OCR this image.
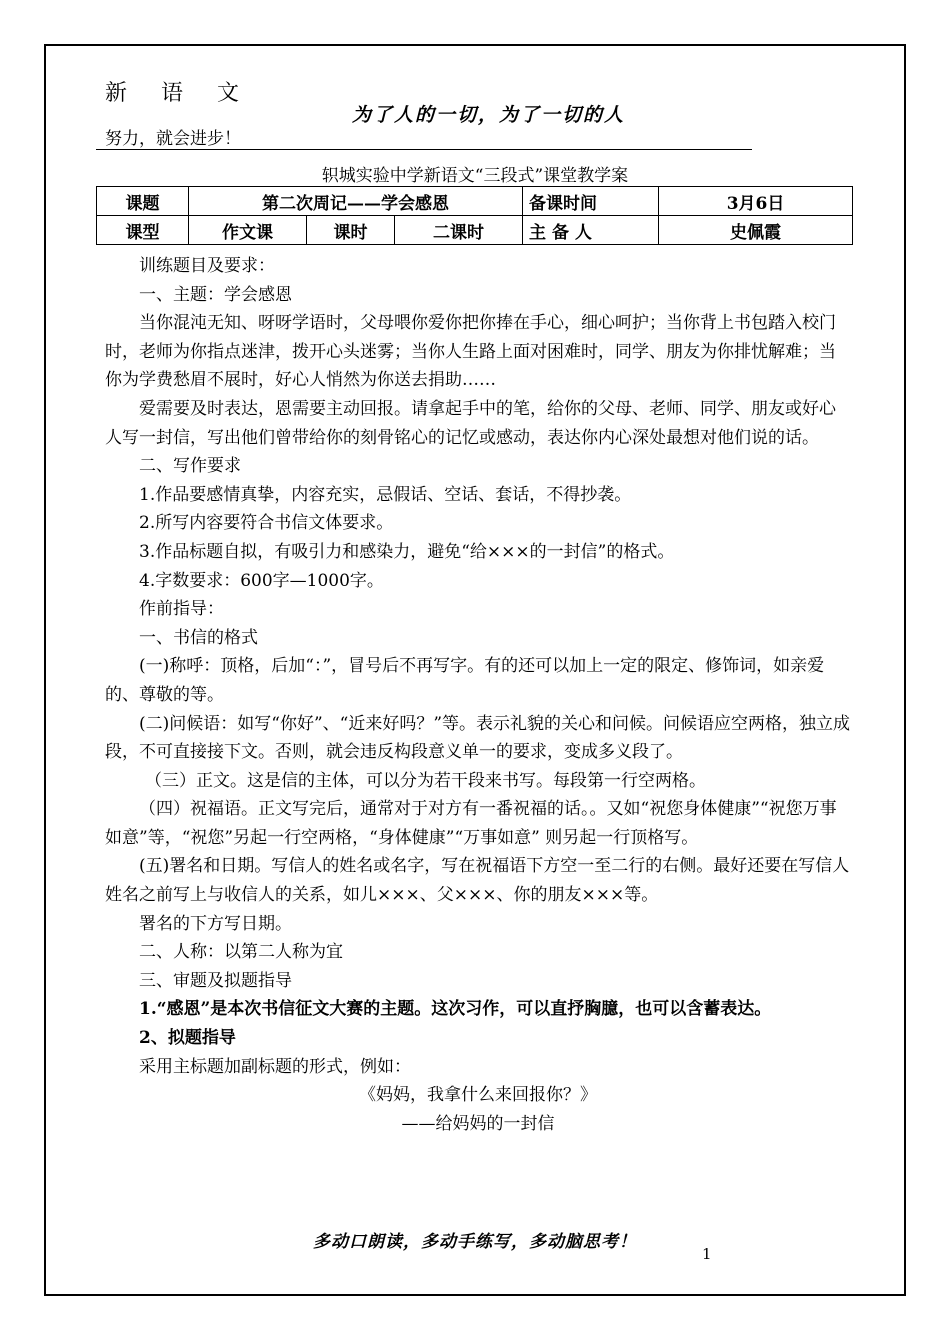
新语文
为了人的一切，为了一切的人
努力，就会进步！
轵城实验中学新语文“三段式”课堂教学案
课题	第二次周记——学会感恩			备课时间	3月6日
课型	作文课	课时	二课时	主 备 人	史佩霞

训练题目及要求：

一、主题：学会感恩

当你混沌无知、呀呀学语时，父母喂你爱你把你捧在手心，细心呵护；当你背上书包踏入校门时，老师为你指点迷津，拨开心头迷雾；当你人生路上面对困难时，同学、朋友为你排忧解难；当你为学费愁眉不展时，好心人悄然为你送去捐助……

爱需要及时表达，恩需要主动回报。请拿起手中的笔，给你的父母、老师、同学、朋友或好心人写一封信，写出他们曾带给你的刻骨铭心的记忆或感动，表达你内心深处最想对他们说的话。

二、写作要求

1.作品要感情真挚，内容充实，忌假话、空话、套话，不得抄袭。

2.所写内容要符合书信文体要求。

3.作品标题自拟，有吸引力和感染力，避免“给×××的一封信”的格式。

4.字数要求：600字—1000字。

作前指导：

一、书信的格式

(一)称呼：顶格，后加“：”，冒号后不再写字。有的还可以加上一定的限定、修饰词，如亲爱的、尊敬的等。

(二)问候语：如写“你好”、“近来好吗？”等。表示礼貌的关心和问候。问候语应空两格，独立成段，不可直接接下文。否则，就会违反构段意义单一的要求，变成多义段了。

（三）正文。这是信的主体，可以分为若干段来书写。每段第一行空两格。

（四）祝福语。正文写完后，通常对于对方有一番祝福的话。。又如“祝您身体健康”“祝您万事如意”等，“祝您”另起一行空两格，“身体健康”“万事如意” 则另起一行顶格写。

(五)署名和日期。写信人的姓名或名字，写在祝福语下方空一至二行的右侧。最好还要在写信人姓名之前写上与收信人的关系，如儿×××、父×××、你的朋友×××等。

署名的下方写日期。

二、人称：以第二人称为宜

三、审题及拟题指导

1.“感恩”是本次书信征文大赛的主题。这次习作，可以直抒胸臆，也可以含蓄表达。

2、拟题指导

采用主标题加副标题的形式，例如：

《妈妈，我拿什么来回报你？》

——给妈妈的一封信

多动口朗读，多动手练写，多动脑思考！
1
